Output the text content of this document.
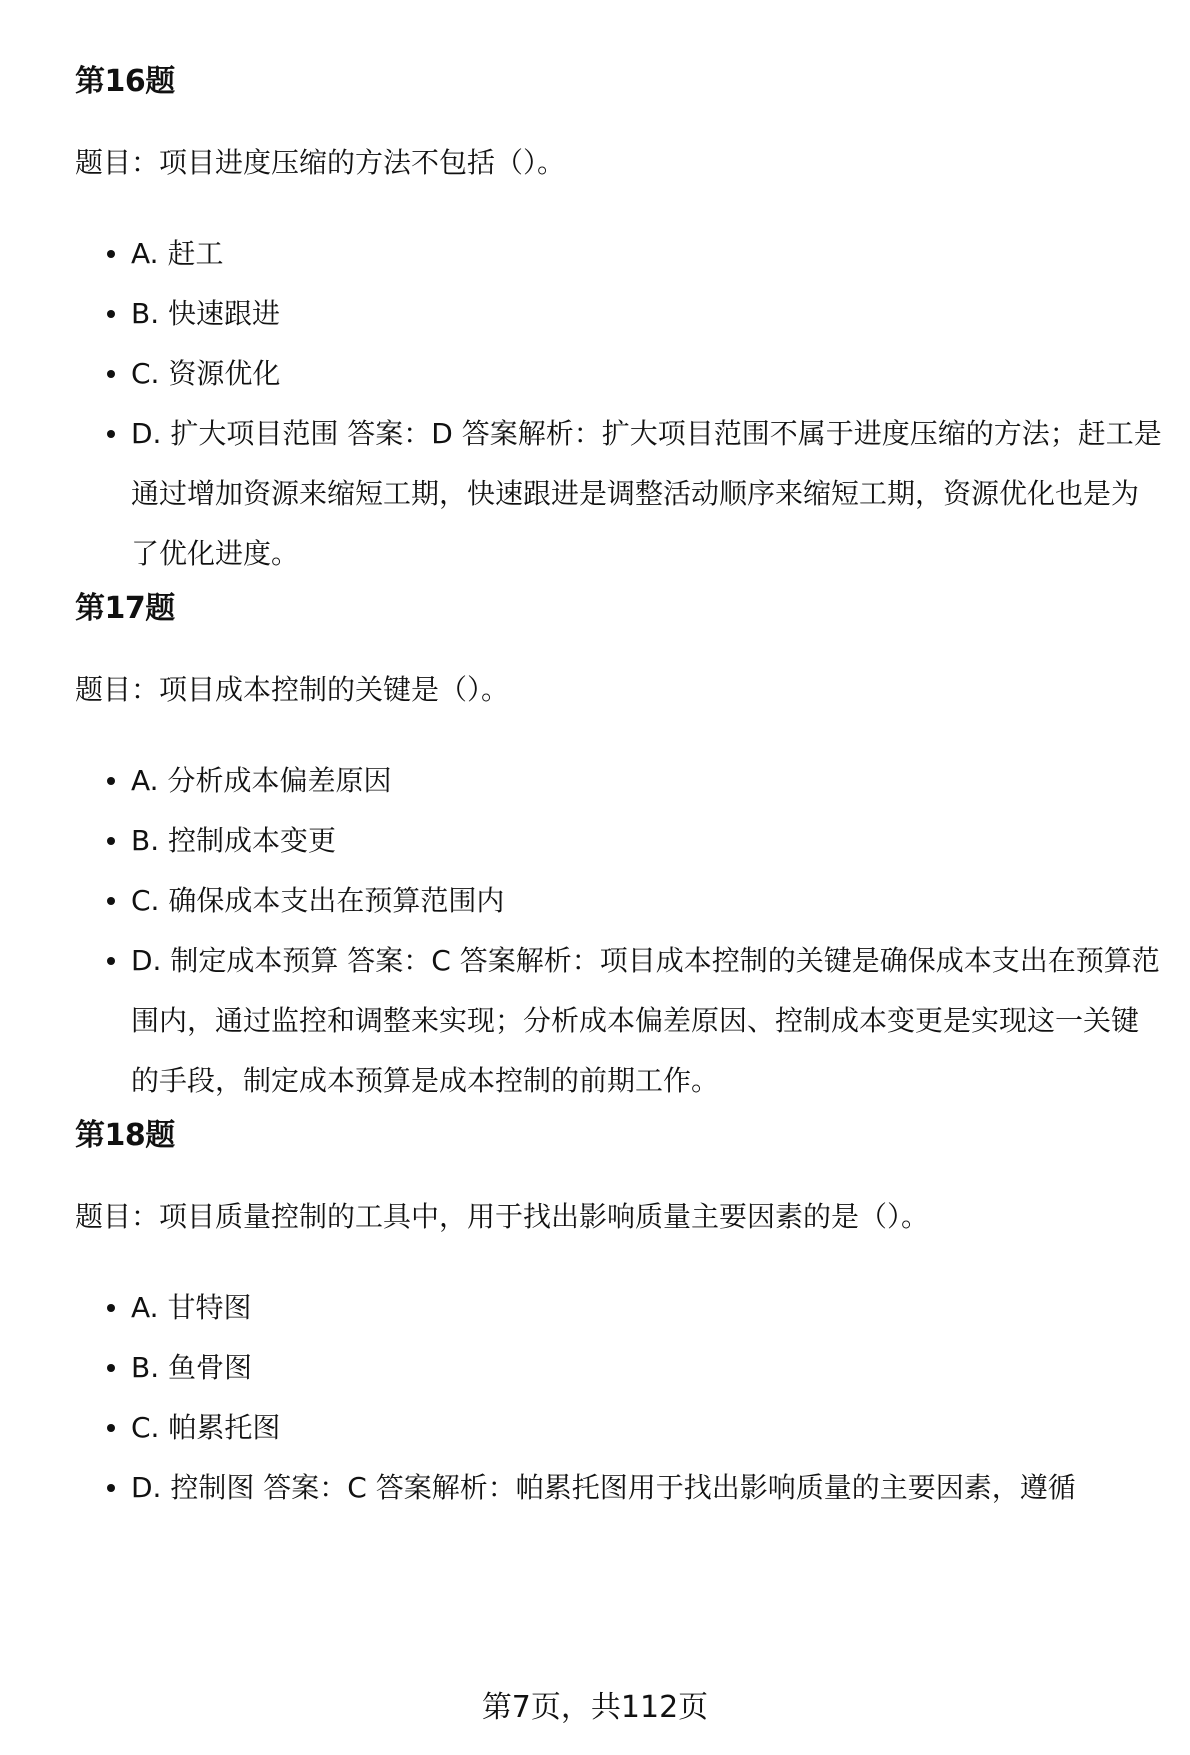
第16题

题目：项目进度压缩的方法不包括（）。

A. 赶工
B. 快速跟进
C. 资源优化
D. 扩大项目范围 答案：D 答案解析：扩大项目范围不属于进度压缩的方法；赶工是通过增加资源来缩短工期，快速跟进是调整活动顺序来缩短工期，资源优化也是为了优化进度。
第17题

题目：项目成本控制的关键是（）。

A. 分析成本偏差原因
B. 控制成本变更
C. 确保成本支出在预算范围内
D. 制定成本预算 答案：C 答案解析：项目成本控制的关键是确保成本支出在预算范围内，通过监控和调整来实现；分析成本偏差原因、控制成本变更是实现这一关键的手段，制定成本预算是成本控制的前期工作。
第18题

题目：项目质量控制的工具中，用于找出影响质量主要因素的是（）。

A. 甘特图
B. 鱼骨图
C. 帕累托图
D. 控制图 答案：C 答案解析：帕累托图用于找出影响质量的主要因素，遵循
第7页，共112页
